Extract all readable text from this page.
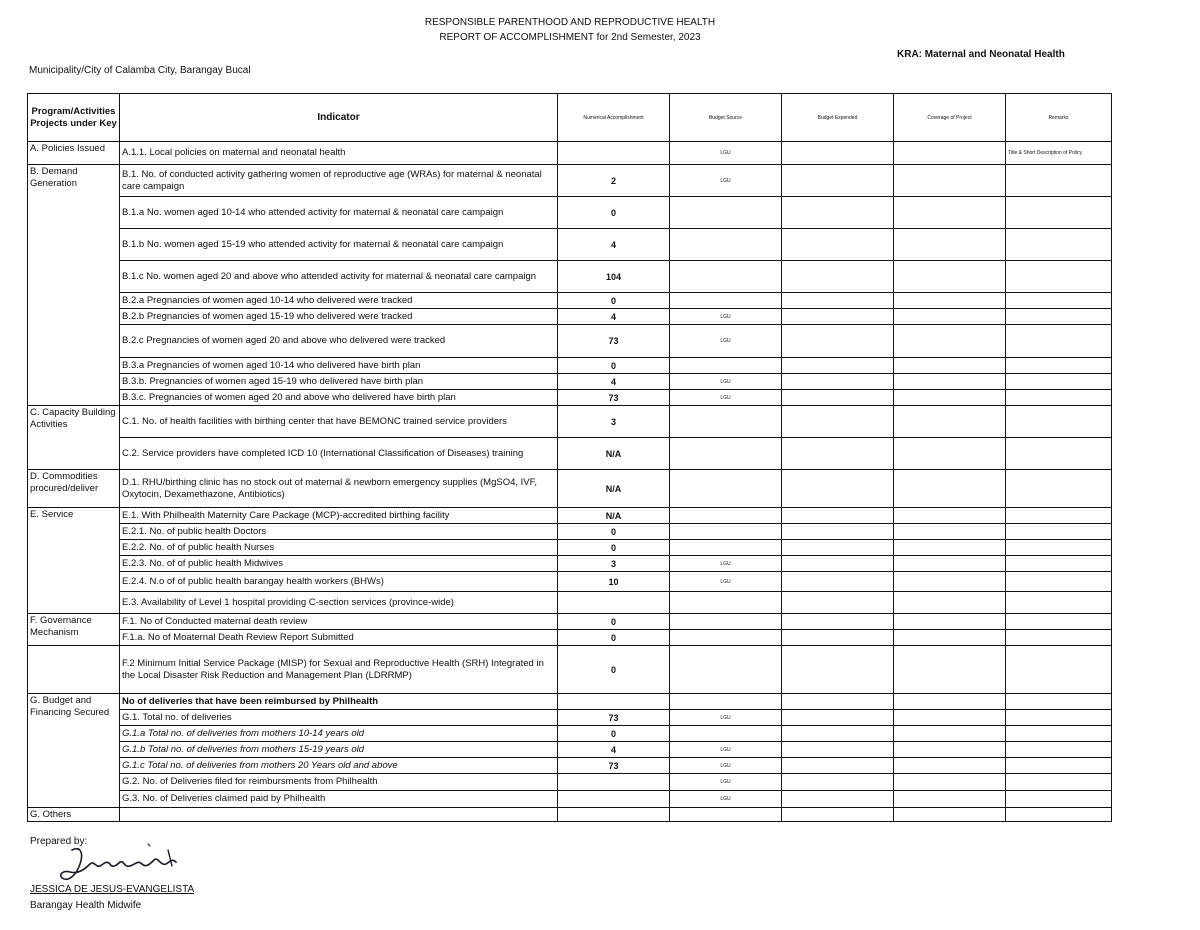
RESPONSIBLE PARENTHOOD AND REPRODUCTIVE HEALTH
REPORT OF ACCOMPLISHMENT for 2nd Semester, 2023
KRA: Maternal and Neonatal Health
Municipality/City of Calamba City, Barangay Bucal
Program/Activities Projects under Key	Indicator	Numerical Accomplishment	Budget Source	Budget Expended	Coverage of Project	Remarks
A. Policies Issued	A.1.1. Local policies on maternal and neonatal health		LGU			Title & Short Description of Policy
B. Demand Generation	B.1. No. of conducted activity gathering women of reproductive age (WRAs) for maternal & neonatal care campaign	2	LGU			
	B.1.a No. women aged 10-14 who attended activity for maternal & neonatal care campaign	0				
	B.1.b No. women aged 15-19 who attended activity for maternal & neonatal care campaign	4				
	B.1.c No. women aged 20 and above who attended activity for maternal & neonatal care campaign	104				
	B.2.a Pregnancies of women aged 10-14 who delivered were tracked	0				
	B.2.b Pregnancies of women aged 15-19 who delivered were tracked	4	LGU			
	B.2.c Pregnancies of women aged 20 and above who delivered were tracked	73	LGU			
	B.3.a Pregnancies of women aged 10-14 who delivered have birth plan	0				
	B.3.b. Pregnancies of women aged 15-19 who delivered have birth plan	4	LGU			
	B.3.c. Pregnancies of women aged 20 and above who delivered have birth plan	73	LGU			
C. Capacity Building Activities	C.1. No. of health facilities with birthing center that have BEMONC trained service providers	3				
	C.2. Service providers have completed ICD 10 (International Classification of Diseases) training	N/A				
D. Commodities procured/deliver	D.1. RHU/birthing clinic has no stock out of maternal & newborn emergency supplies (MgSO4, IVF, Oxytocin, Dexamethazone, Antibiotics)	N/A				
E. Service	E.1. With Philhealth Maternity Care Package (MCP)-accredited birthing facility	N/A				
	E.2.1. No. of public health Doctors	0				
	E.2.2. No. of of public health Nurses	0				
	E.2.3. No. of of public health Midwives	3	LGU			
	E.2.4. N.o of of public health barangay health workers (BHWs)	10	LGU			
	E.3. Availability of Level 1 hospital providing C-section services (province-wide)					
F. Governance Mechanism	F.1. No of Conducted maternal death review	0				
	F.1.a. No of Moaternal Death Review Report Submitted	0				
	F.2 Minimum Initial Service Package (MISP) for Sexual and Reproductive Health (SRH) Integrated in the Local Disaster Risk Reduction and Management Plan (LDRRMP)	0				
G. Budget and Financing Secured	No of deliveries that have been reimbursed by Philhealth					
	G.1. Total no. of deliveries	73	LGU			
	G.1.a Total no. of deliveries from mothers 10-14 years old	0				
	G.1.b Total no. of deliveries from mothers 15-19 years old	4	LGU			
	G.1.c Total no. of deliveries from mothers 20 Years old and above	73	LGU			
	G.2. No. of Deliveries filed for reimbursments from Philhealth		LGU			
	G.3. No. of Deliveries claimed paid by Philhealth		LGU			
G. Others						
Prepared by:
JESSICA DE JESUS-EVANGELISTA
Barangay Health Midwife
